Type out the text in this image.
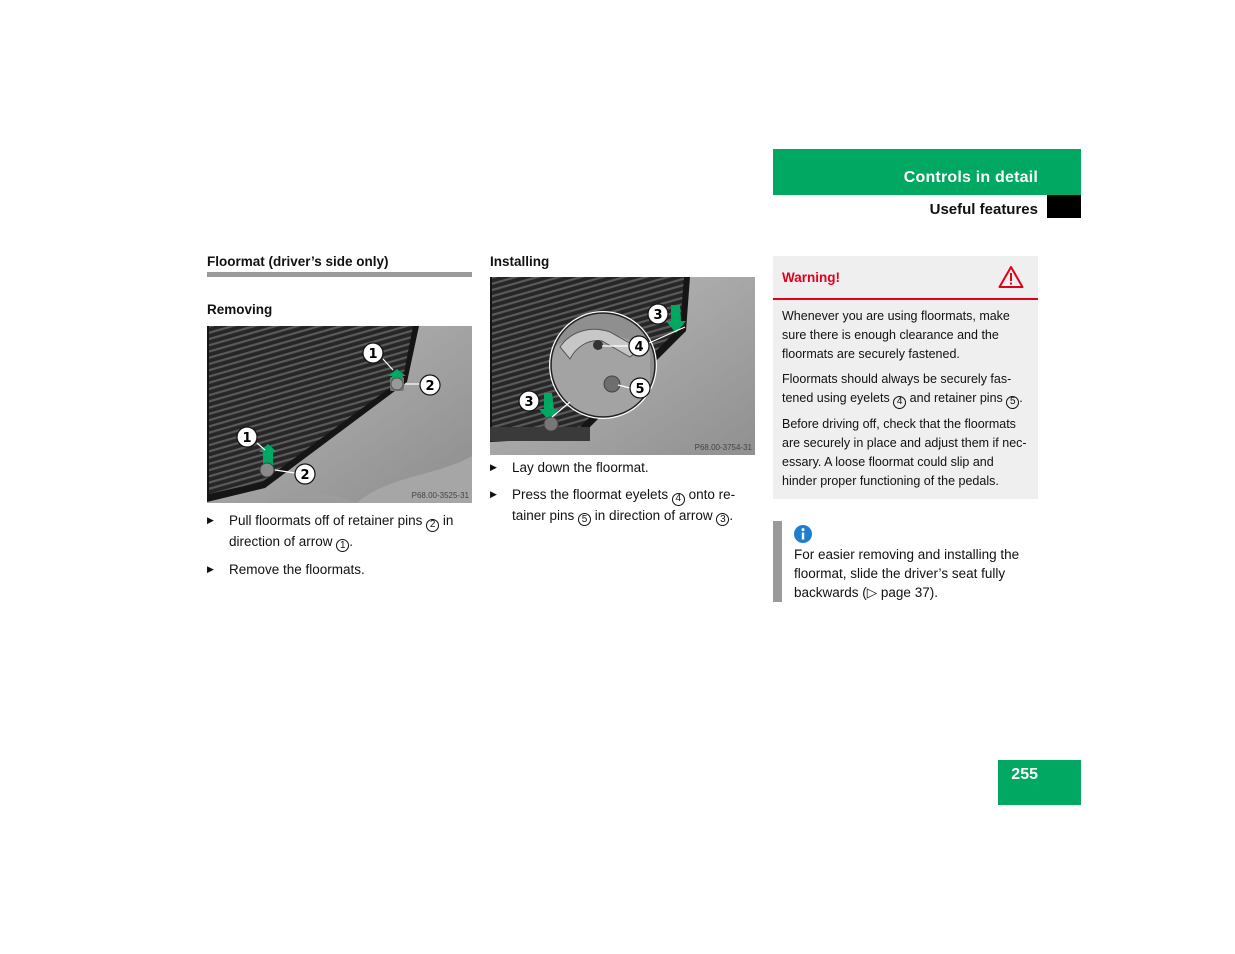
Controls in detail
Useful features
Floormat (driver’s side only)
Removing
1
2
1
2
P68.00-3525-31
▶ Pull floormats off of retainer pins 2 in direction of arrow 1 .
▶ Remove the floormats.
Installing
3
4
5
3
P68.00-3754-31
▶ Lay down the floormat.
▶ Press the floormat eyelets 4 onto re-tainer pins 5 in direction of arrow 3 .
Warning!

Whenever you are using floormats, make sure there is enough clearance and the floormats are securely fastened.

Floormats should always be securely fas-tened using eyelets 4 and retainer pins 5 .

Before driving off, check that the floormats are securely in place and adjust them if nec-essary. A loose floormat could slip and hinder proper functioning of the pedals.

For easier removing and installing the floormat, slide the driver’s seat fully backwards (▷ page 37).
255
